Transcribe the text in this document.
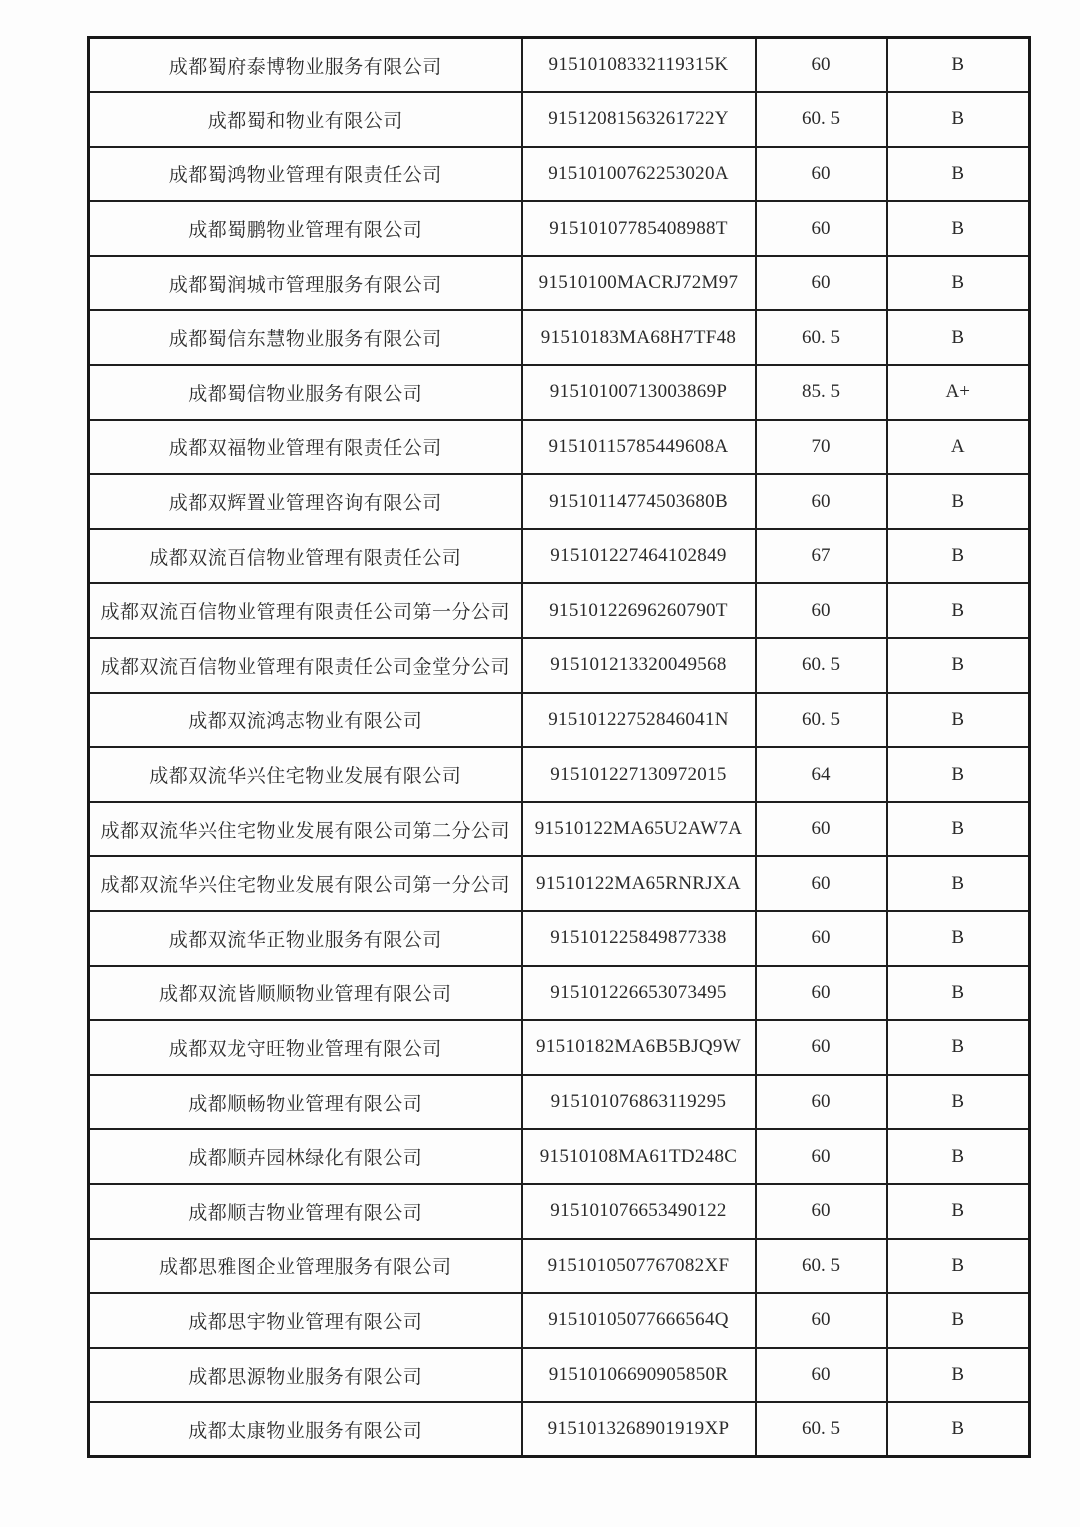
成都蜀府泰博物业服务有限公司	91510108332119315K	60	B
成都蜀和物业有限公司	91512081563261722Y	60. 5	B
成都蜀鸿物业管理有限责任公司	91510100762253020A	60	B
成都蜀鹏物业管理有限公司	91510107785408988T	60	B
成都蜀润城市管理服务有限公司	91510100MACRJ72M97	60	B
成都蜀信东慧物业服务有限公司	91510183MA68H7TF48	60. 5	B
成都蜀信物业服务有限公司	91510100713003869P	85. 5	A+
成都双福物业管理有限责任公司	91510115785449608A	70	A
成都双辉置业管理咨询有限公司	91510114774503680B	60	B
成都双流百信物业管理有限责任公司	915101227464102849	67	B
成都双流百信物业管理有限责任公司第一分公司	91510122696260790T	60	B
成都双流百信物业管理有限责任公司金堂分公司	915101213320049568	60. 5	B
成都双流鸿志物业有限公司	91510122752846041N	60. 5	B
成都双流华兴住宅物业发展有限公司	915101227130972015	64	B
成都双流华兴住宅物业发展有限公司第二分公司	91510122MA65U2AW7A	60	B
成都双流华兴住宅物业发展有限公司第一分公司	91510122MA65RNRJXA	60	B
成都双流华正物业服务有限公司	915101225849877338	60	B
成都双流皆顺顺物业管理有限公司	915101226653073495	60	B
成都双龙守旺物业管理有限公司	91510182MA6B5BJQ9W	60	B
成都顺畅物业管理有限公司	915101076863119295	60	B
成都顺卉园林绿化有限公司	91510108MA61TD248C	60	B
成都顺吉物业管理有限公司	915101076653490122	60	B
成都思雅图企业管理服务有限公司	9151010507767082XF	60. 5	B
成都思宇物业管理有限公司	91510105077666564Q	60	B
成都思源物业服务有限公司	91510106690905850R	60	B
成都太康物业服务有限公司	9151013268901919XP	60. 5	B
